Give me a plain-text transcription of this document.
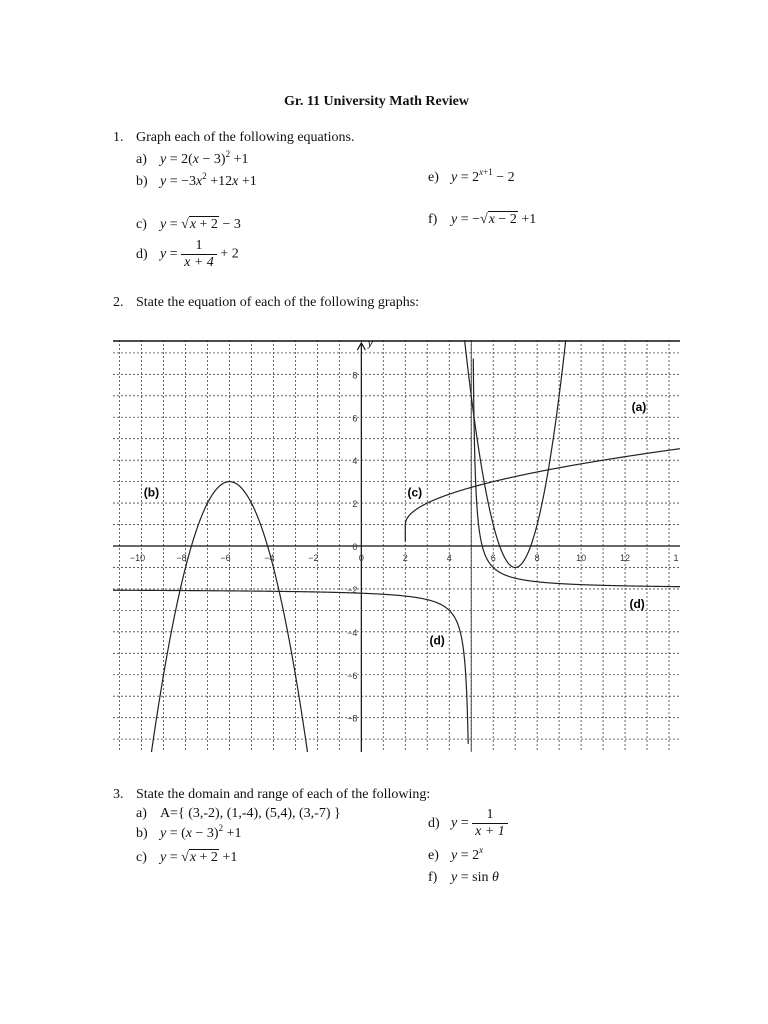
Gr. 11 University Math Review
1. Graph each of the following equations.
a) $y = 2(x - 3)^2 +1$
b) $y = -3x^2 +12x +1$
c) y = √x + 2 − 3
d) $y = \frac{1}{x + 4} + 2$
e) $y = 2^{x+1} - 2$
f) y = −√x − 2 +1
2. State the equation of each of the following graphs:
−10	−8	−6	−4	−2	0	2	4	6	8	10	12	1
8
6
4
2
0
−2
−4
−6
−8
y
(a)
(b)	(c)
(d)
(d)
3. State the domain and range of each of the following:
a) A={ (3,-2), (1,-4), (5,4), (3,-7) }
b) $y = (x - 3)^2 +1$
c) y = √x + 2 +1
d) $y = \frac{1}{x + 1}$
e) $y = 2^x$
f) y = sin θ
